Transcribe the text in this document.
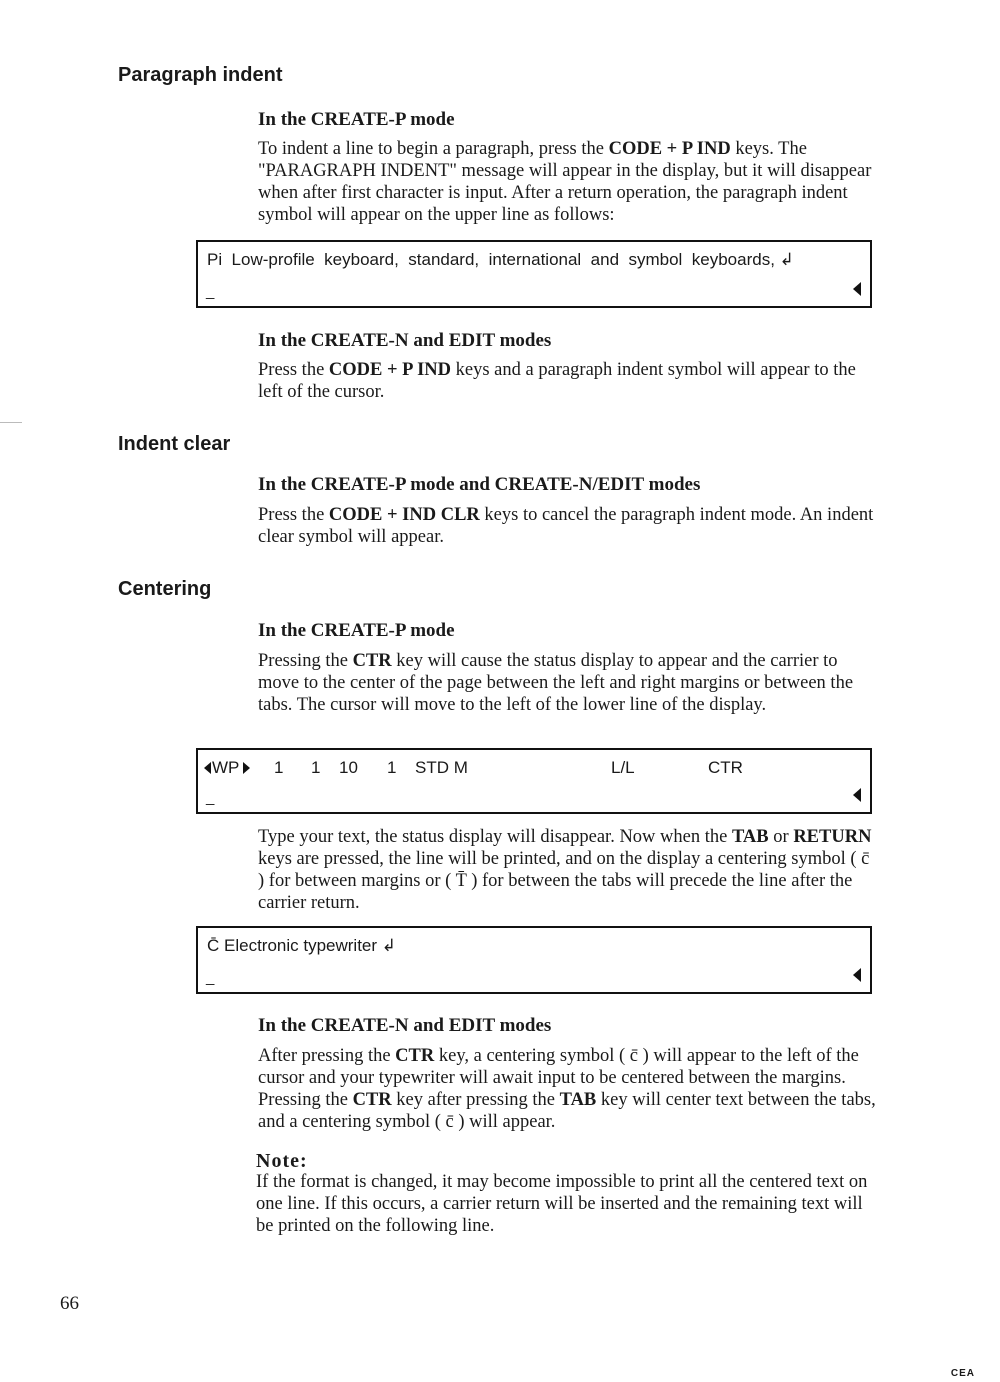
Paragraph indent
In the CREATE-P mode

To indent a line to begin a paragraph, press the CODE + P IND keys. The "PARAGRAPH INDENT" message will appear in the display, but it will disappear when after first character is input. After a return operation, the paragraph indent symbol will appear on the upper line as follows:

Pi  Low-profile  keyboard,  standard,  international  and  symbol  keyboards, ↲
_
In the CREATE-N and EDIT modes

Press the CODE + P IND keys and a paragraph indent symbol will appear to the left of the cursor.

Indent clear
In the CREATE-P mode and CREATE-N/EDIT modes

Press the CODE + IND CLR keys to cancel the paragraph indent mode. An indent clear symbol will appear.

Centering
In the CREATE-P mode

Pressing the CTR key will cause the status display to appear and the carrier to move to the center of the page between the left and right margins or between the tabs. The cursor will move to the left of the lower line of the display.

WP	1 1 10 1 STD M	L/L	CTR
_

Type your text, the status display will disappear. Now when the TAB or RETURN keys are pressed, the line will be printed, and on the display a centering symbol ( c̄ ) for between margins or ( T̄ ) for between the tabs will precede the line after the carrier return.

C̄ Electronic typewriter ↲
_
In the CREATE-N and EDIT modes

After pressing the CTR key, a centering symbol ( c̄ ) will appear to the left of the cursor and your typewriter will await input to be centered between the margins. Pressing the CTR key after pressing the TAB key will center text between the tabs, and a centering symbol ( c̄ ) will appear.

Note:

If the format is changed, it may become impossible to print all the centered text on one line. If this occurs, a carrier return will be inserted and the remaining text will be printed on the following line.

66
CEA
